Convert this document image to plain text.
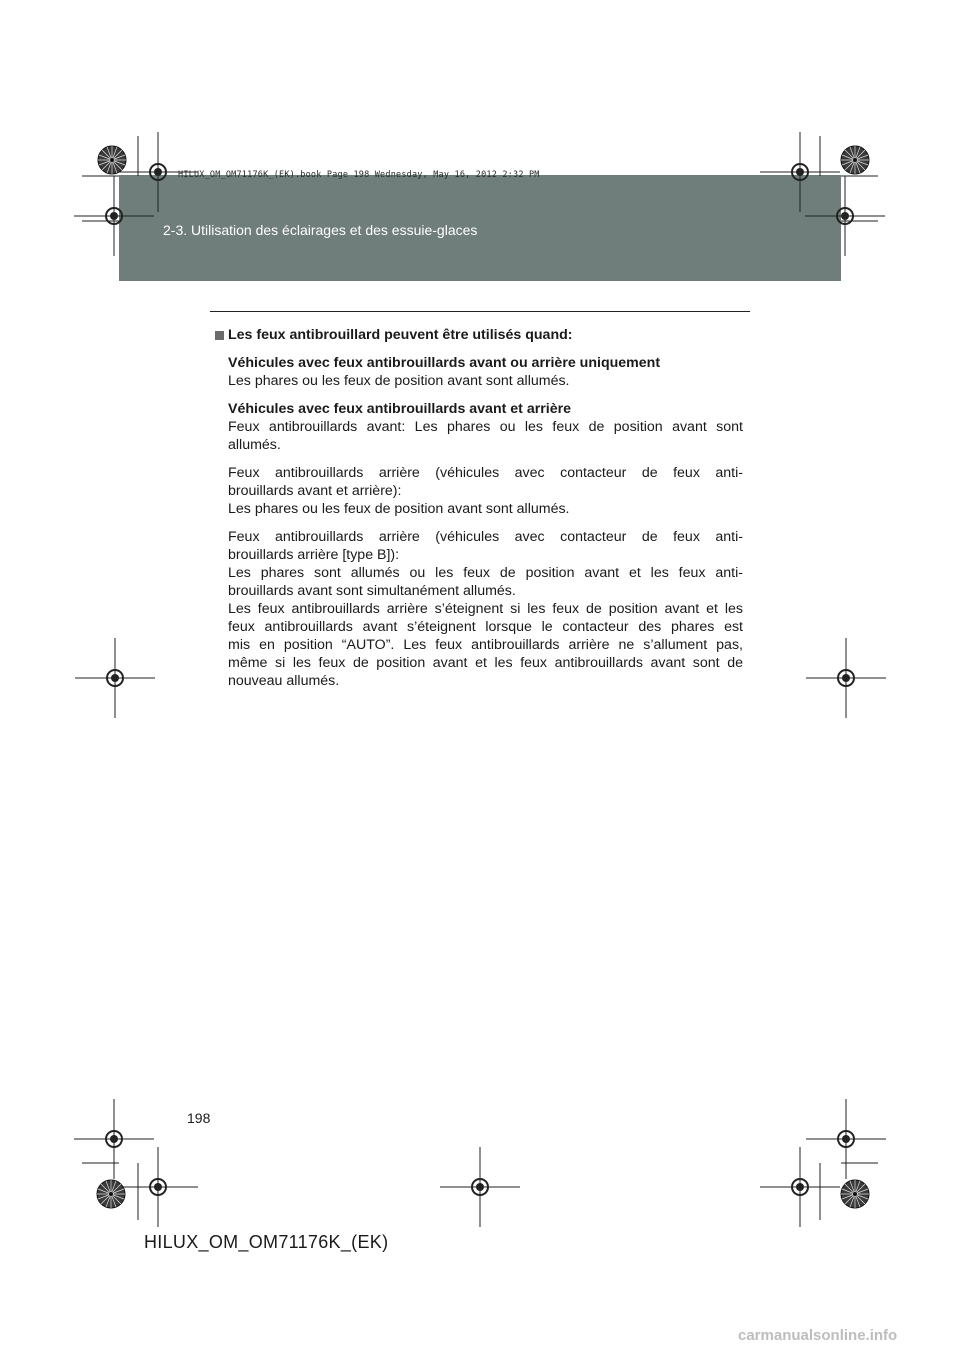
2-3. Utilisation des éclairages et des essuie-glaces
HILUX_OM_OM71176K_(EK).book Page 198 Wednesday, May 16, 2012 2:32 PM
Les feux antibrouillard peuvent être utilisés quand:
Véhicules avec feux antibrouillards avant ou arrière uniquement
Les phares ou les feux de position avant sont allumés.
Véhicules avec feux antibrouillards avant et arrière
Feux antibrouillards avant: Les phares ou les feux de position avant sont
allumés.
Feux antibrouillards arrière (véhicules avec contacteur de feux anti-
brouillards avant et arrière):
Les phares ou les feux de position avant sont allumés.
Feux antibrouillards arrière (véhicules avec contacteur de feux anti-
brouillards arrière [type B]):
Les phares sont allumés ou les feux de position avant et les feux anti-
brouillards avant sont simultanément allumés.
Les feux antibrouillards arrière s’éteignent si les feux de position avant et les
feux antibrouillards avant s’éteignent lorsque le contacteur des phares est
mis en position “AUTO”. Les feux antibrouillards arrière ne s’allument pas,
même si les feux de position avant et les feux antibrouillards avant sont de
nouveau allumés.
198
HILUX_OM_OM71176K_(EK)
carmanualsonline.info
